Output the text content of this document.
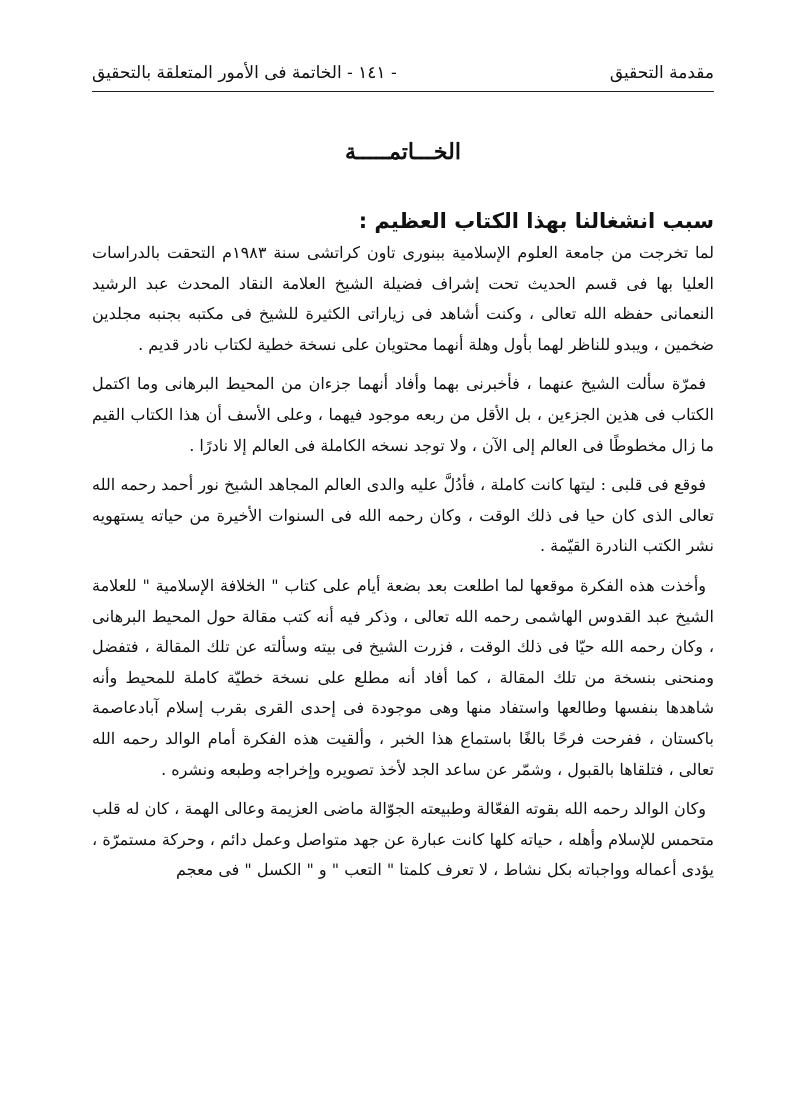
مقدمة التحقيق
- ١٤١ -
الخاتمة فى الأمور المتعلقة بالتحقيق
الخـــاتمـــــة
سبب انشغالنا بهذا الكتاب العظيم :

لما تخرجت من جامعة العلوم الإسلامية ببنورى تاون كراتشى سنة ١٩٨٣م التحقت بالدراسات العليا بها فى قسم الحديث تحت إشراف فضيلة الشيخ العلامة النقاد المحدث عبد الرشيد النعمانى حفظه الله تعالى ، وكنت أشاهد فى زياراتى الكثيرة للشيخ فى مكتبه بجنبه مجلدين ضخمين ، ويبدو للناظر لهما بأول وهلة أنهما محتويان على نسخة خطية لكتاب نادر قديم .

فمرّة سألت الشيخ عنهما ، فأخبرنى بهما وأفاد أنهما جزءان من المحيط البرهانى وما اكتمل الكتاب فى هذين الجزءين ، بل الأقل من ربعه موجود فيهما ، وعلى الأسف أن هذا الكتاب القيم ما زال مخطوطًا فى العالم إلى الآن ، ولا توجد نسخه الكاملة فى العالم إلا نادرًا .

فوقع فى قلبى : ليتها كانت كاملة ، فأدُلَّ عليه والدى العالم المجاهد الشيخ نور أحمد رحمه الله تعالى الذى كان حيا فى ذلك الوقت ، وكان رحمه الله فى السنوات الأخيرة من حياته يستهويه نشر الكتب النادرة القيّمة .

وأخذت هذه الفكرة موقعها لما اطلعت بعد بضعة أيام على كتاب " الخلافة الإسلامية " للعلامة الشيخ عبد القدوس الهاشمى رحمه الله تعالى ، وذكر فيه أنه كتب مقالة حول المحيط البرهانى ، وكان رحمه الله حيّا فى ذلك الوقت ، فزرت الشيخ فى بيته وسألته عن تلك المقالة ، فتفضل ومنحنى بنسخة من تلك المقالة ، كما أفاد أنه مطلع على نسخة خطيّة كاملة للمحيط وأنه شاهدها بنفسها وطالعها واستفاد منها وهى موجودة فى إحدى القرى بقرب إسلام آبادعاصمة باكستان ، ففرحت فرحًا بالغًا باستماع هذا الخبر ، وألقيت هذه الفكرة أمام الوالد رحمه الله تعالى ، فتلقاها بالقبول ، وشمّر عن ساعد الجد لأخذ تصويره وإخراجه وطبعه ونشره .

وكان الوالد رحمه الله بقوته الفعّالة وطبيعته الجوّالة ماضى العزيمة وعالى الهمة ، كان له قلب متحمس للإسلام وأهله ، حياته كلها كانت عبارة عن جهد متواصل وعمل دائم ، وحركة مستمرّة ، يؤدى أعماله وواجباته بكل نشاط ، لا تعرف كلمتا " التعب " و " الكسل " فى معجم
